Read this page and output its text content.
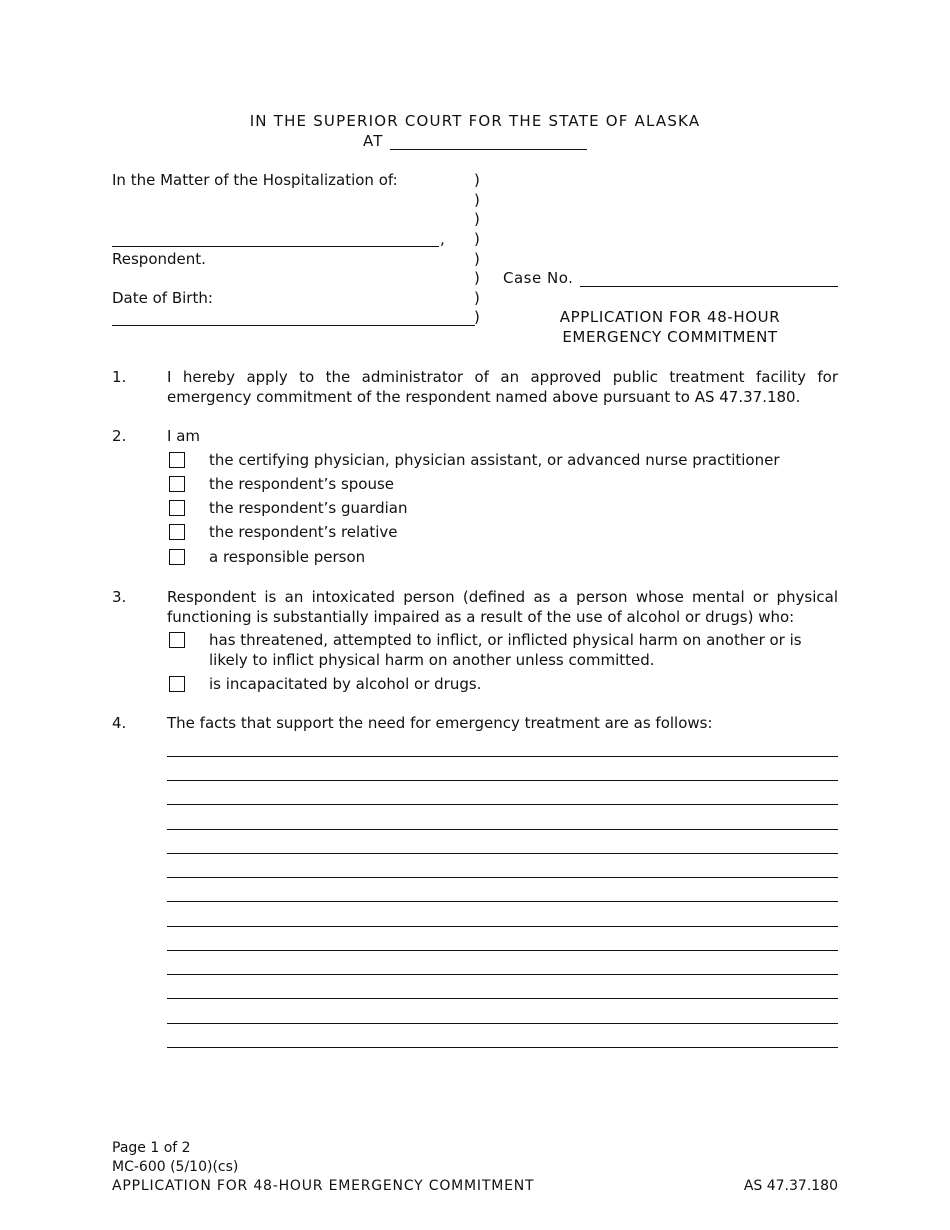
IN THE SUPERIOR COURT FOR THE STATE OF ALASKA
AT
In the Matter of the Hospitalization of:
,
Respondent.
Date of Birth:
)
)
)
)
)
)
)
)
Case No.
APPLICATION FOR 48-HOUR
EMERGENCY COMMITMENT
1.	I hereby apply to the administrator of an approved public treatment facility for emergency commitment of the respondent named above pursuant to AS 47.37.180.
2.	I am
the certifying physician, physician assistant, or advanced nurse practitioner
the respondent’s spouse
the respondent’s guardian
the respondent’s relative
a responsible person
3.	Respondent is an intoxicated person (defined as a person whose mental or physical functioning is substantially impaired as a result of the use of alcohol or drugs) who:
has threatened, attempted to inflict, or inflicted physical harm on another or is likely to inflict physical harm on another unless committed.
is incapacitated by alcohol or drugs.
4.	The facts that support the need for emergency treatment are as follows:
Page 1 of 2
MC-600 (5/10)(cs)
APPLICATION FOR 48-HOUR EMERGENCY COMMITMENT	AS 47.37.180
